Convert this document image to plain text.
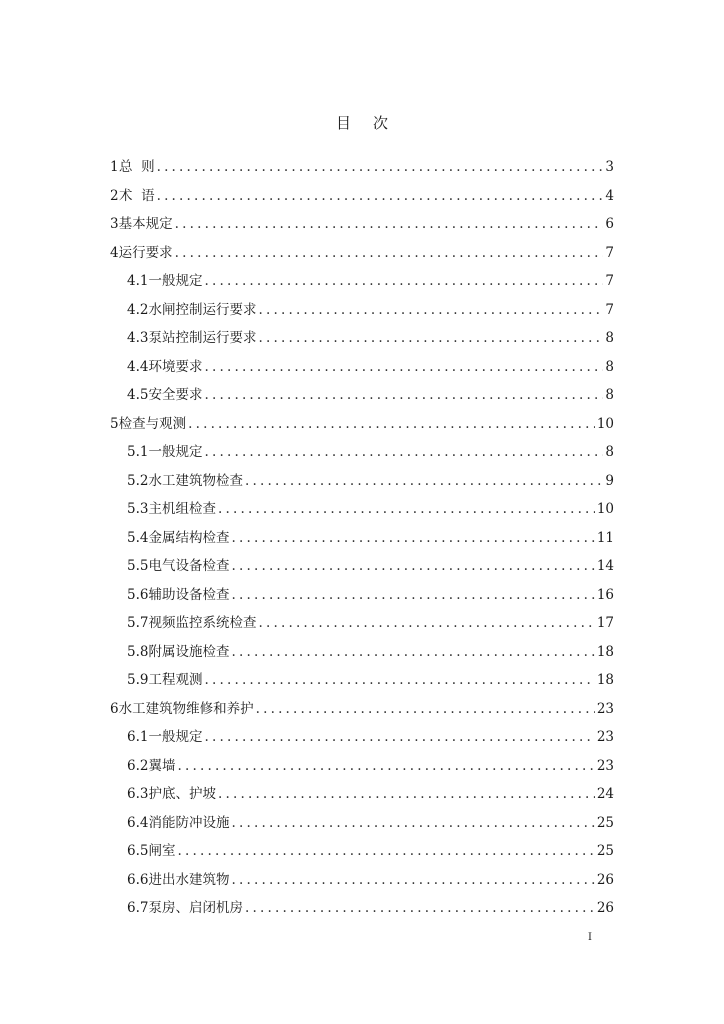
目 次
1 总  则 .....	3
2 术  语 .....	4
3 基本规定 .....	6
4 运行要求 .....	7
4.1 一般规定 .....	7
4.2 水闸控制运行要求 .....	7
4.3 泵站控制运行要求 .....	8
4.4 环境要求 .....	8
4.5 安全要求 .....	8
5 检查与观测 .....	10
5.1 一般规定 .....	8
5.2 水工建筑物检查 .....	9
5.3 主机组检查 .....	10
5.4 金属结构检查 .....	11
5.5 电气设备检查 .....	14
5.6 辅助设备检查 .....	16
5.7 视频监控系统检查 .....	17
5.8 附属设施检查 .....	18
5.9 工程观测 .....	18
6 水工建筑物维修和养护 .....	23
6.1 一般规定 .....	23
6.2 翼墙 .....	23
6.3 护底、护坡 .....	24
6.4 消能防冲设施 .....	25
6.5 闸室 .....	25
6.6 进出水建筑物 .....	26
6.7 泵房、启闭机房 .....	26
I
